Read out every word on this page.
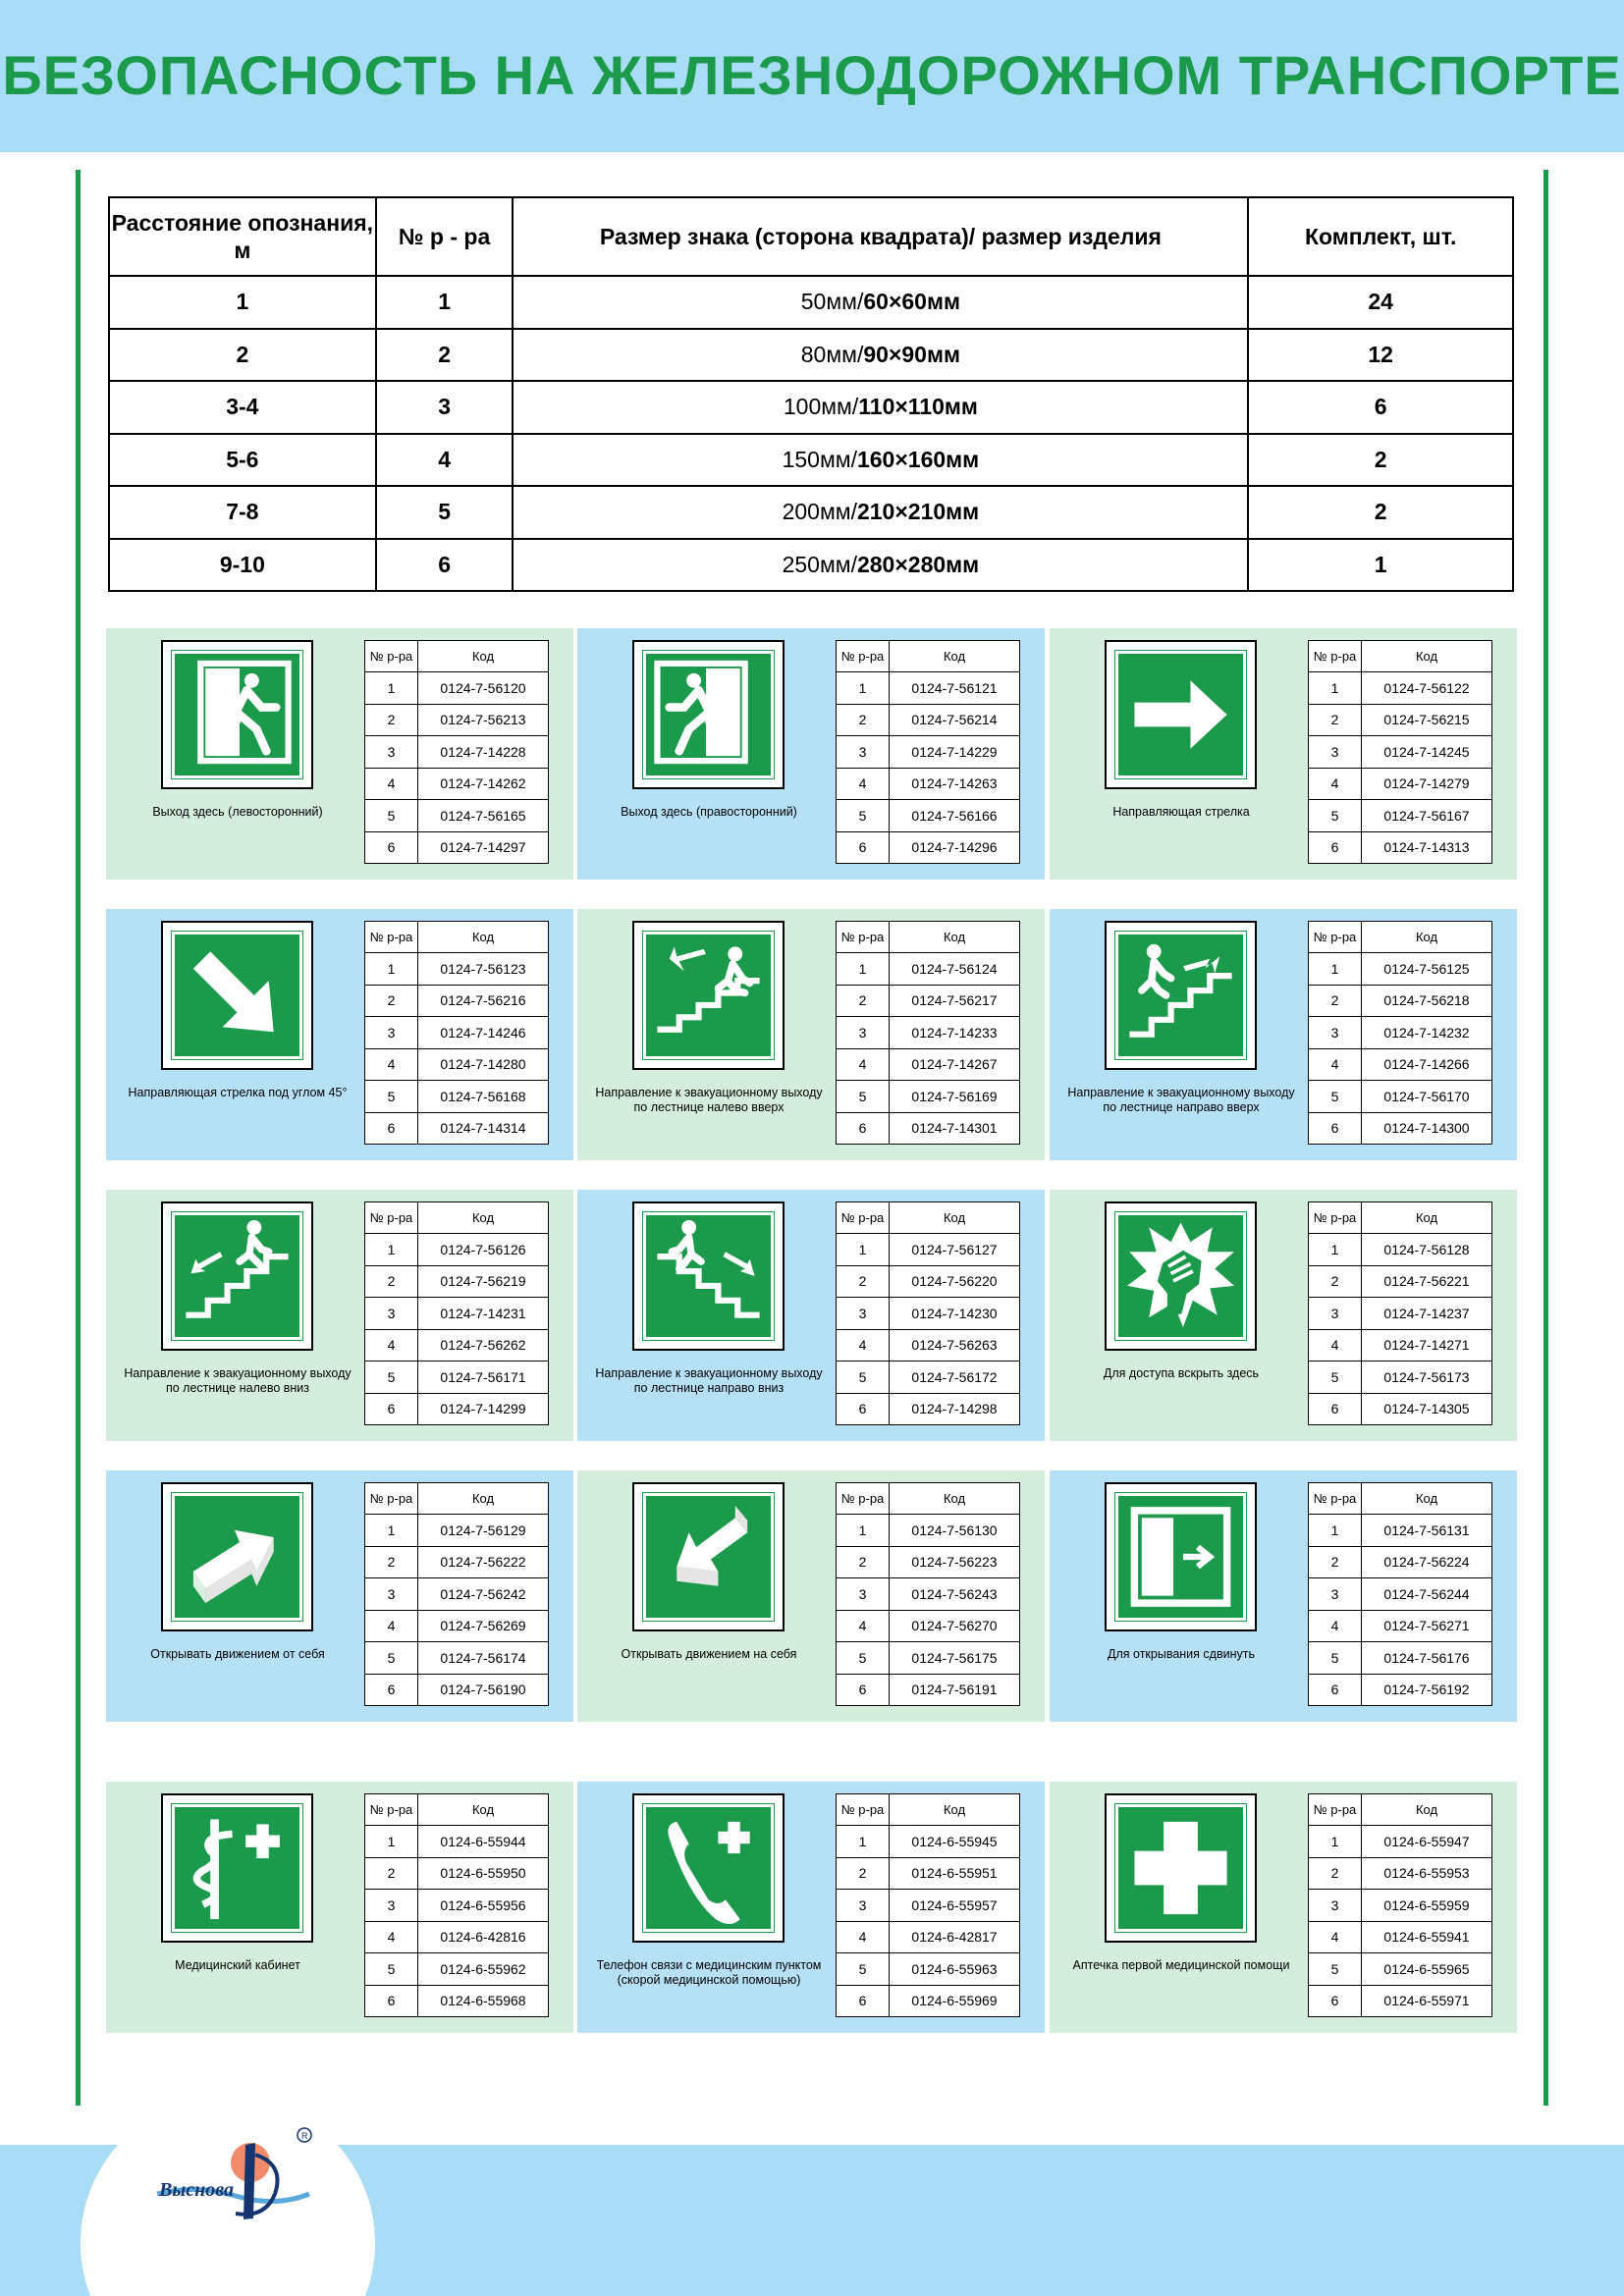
БЕЗОПАСНОСТЬ НА ЖЕЛЕЗНОДОРОЖНОМ ТРАНСПОРТЕ
Расстояние опознания, м	№ р - ра	Размер знака (сторона квадрата)/ размер изделия	Комплект, шт.
1	1	50мм/60×60мм	24
2	2	80мм/90×90мм	12
3-4	3	100мм/110×110мм	6
5-6	4	150мм/160×160мм	2
7-8	5	200мм/210×210мм	2
9-10	6	250мм/280×280мм	1
Выход здесь (левосторонний)
№ р-ра	Код
1	0124-7-56120
2	0124-7-56213
3	0124-7-14228
4	0124-7-14262
5	0124-7-56165
6	0124-7-14297
Выход здесь (правосторонний)
№ р-ра	Код
1	0124-7-56121
2	0124-7-56214
3	0124-7-14229
4	0124-7-14263
5	0124-7-56166
6	0124-7-14296
Направляющая стрелка
№ р-ра	Код
1	0124-7-56122
2	0124-7-56215
3	0124-7-14245
4	0124-7-14279
5	0124-7-56167
6	0124-7-14313
Направляющая стрелка под углом 45°
№ р-ра	Код
1	0124-7-56123
2	0124-7-56216
3	0124-7-14246
4	0124-7-14280
5	0124-7-56168
6	0124-7-14314
Направление к эвакуационному выходу по лестнице налево вверх
№ р-ра	Код
1	0124-7-56124
2	0124-7-56217
3	0124-7-14233
4	0124-7-14267
5	0124-7-56169
6	0124-7-14301
Направление к эвакуационному выходу по лестнице направо вверх
№ р-ра	Код
1	0124-7-56125
2	0124-7-56218
3	0124-7-14232
4	0124-7-14266
5	0124-7-56170
6	0124-7-14300
Направление к эвакуационному выходу по лестнице налево вниз
№ р-ра	Код
1	0124-7-56126
2	0124-7-56219
3	0124-7-14231
4	0124-7-56262
5	0124-7-56171
6	0124-7-14299
Направление к эвакуационному выходу по лестнице направо вниз
№ р-ра	Код
1	0124-7-56127
2	0124-7-56220
3	0124-7-14230
4	0124-7-56263
5	0124-7-56172
6	0124-7-14298
Для доступа вскрыть здесь
№ р-ра	Код
1	0124-7-56128
2	0124-7-56221
3	0124-7-14237
4	0124-7-14271
5	0124-7-56173
6	0124-7-14305
Открывать движением от себя
№ р-ра	Код
1	0124-7-56129
2	0124-7-56222
3	0124-7-56242
4	0124-7-56269
5	0124-7-56174
6	0124-7-56190
Открывать движением на себя
№ р-ра	Код
1	0124-7-56130
2	0124-7-56223
3	0124-7-56243
4	0124-7-56270
5	0124-7-56175
6	0124-7-56191
Для открывания сдвинуть
№ р-ра	Код
1	0124-7-56131
2	0124-7-56224
3	0124-7-56244
4	0124-7-56271
5	0124-7-56176
6	0124-7-56192
Медицинский кабинет
№ р-ра	Код
1	0124-6-55944
2	0124-6-55950
3	0124-6-55956
4	0124-6-42816
5	0124-6-55962
6	0124-6-55968
Телефон связи с медицинским пунктом (скорой медицинской помощью)
№ р-ра	Код
1	0124-6-55945
2	0124-6-55951
3	0124-6-55957
4	0124-6-42817
5	0124-6-55963
6	0124-6-55969
Аптечка первой медицинской помощи
№ р-ра	Код
1	0124-6-55947
2	0124-6-55953
3	0124-6-55959
4	0124-6-55941
5	0124-6-55965
6	0124-6-55971
R
Выснова
